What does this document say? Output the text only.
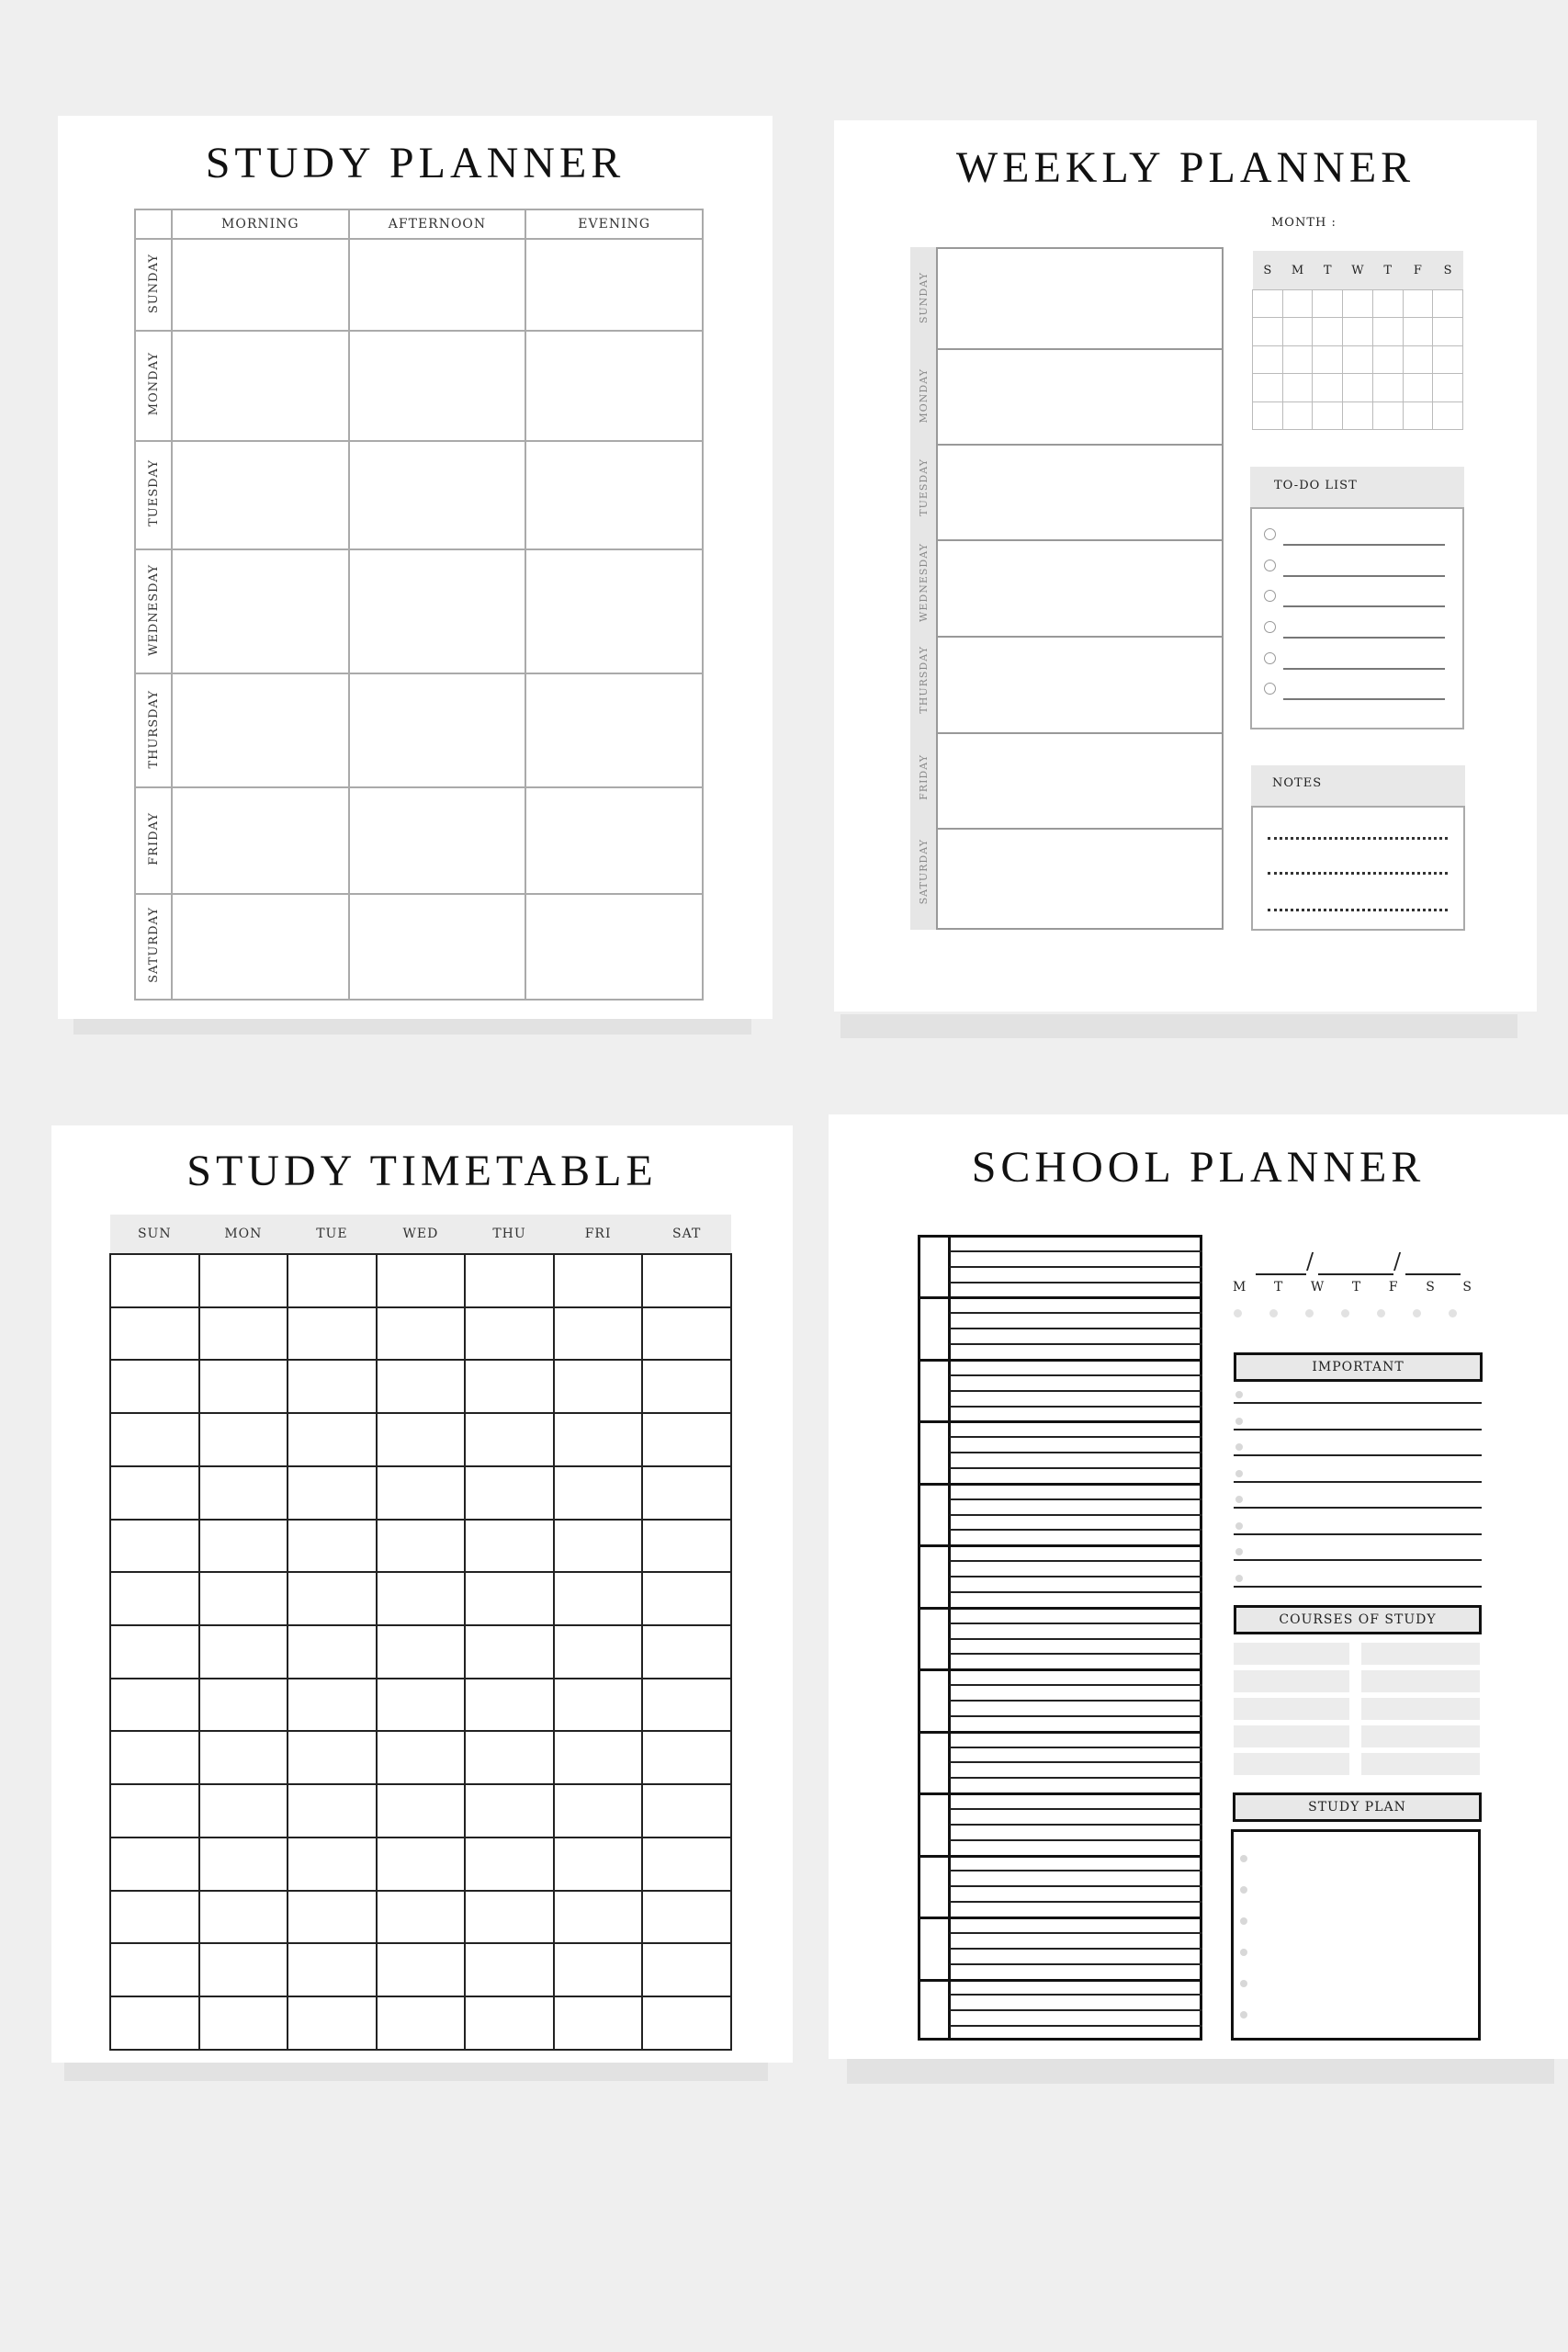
STUDY PLANNER
	MORNING	AFTERNOON	EVENING
SUNDAY			
MONDAY			
TUESDAY			
WEDNESDAY			
THURSDAY			
FRIDAY			
SATURDAY			
WEEKLY PLANNER
SUNDAY
MONDAY
TUESDAY
WEDNESDAY
THURSDAY
FRIDAY
SATURDAY
MONTH :
S	M	T	W	T	F	S

TO-DO LIST
NOTES
STUDY TIMETABLE
SUN	MON	TUE	WED	THU	FRI	SAT

SCHOOL PLANNER
/	/
M T W T F S S
IMPORTANT
COURSES OF STUDY
STUDY PLAN
